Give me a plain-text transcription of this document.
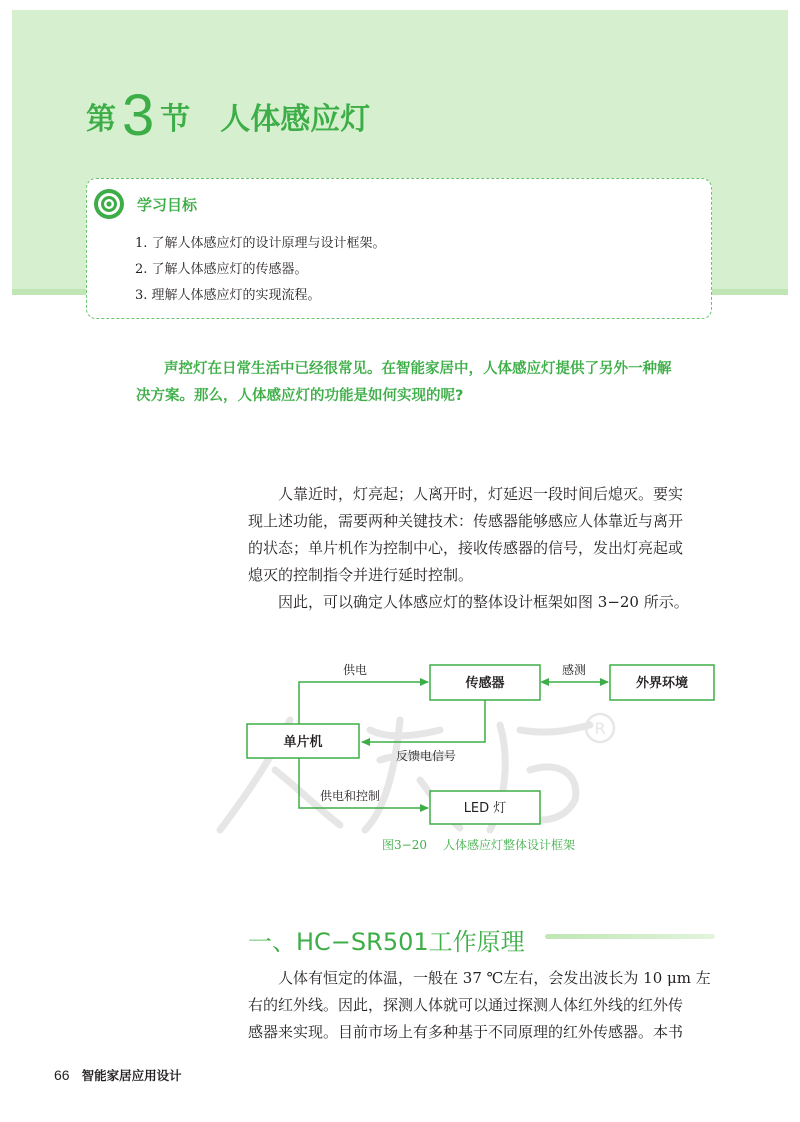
第 3 节 人体感应灯
学习目标
1. 了解人体感应灯的设计原理与设计框架。
2. 了解人体感应灯的传感器。
3. 理解人体感应灯的实现流程。

声控灯在日常生活中已经很常见。在智能家居中，人体感应灯提供了另外一种解
决方案。那么，人体感应灯的功能是如何实现的呢?

人靠近时，灯亮起；人离开时，灯延迟一段时间后熄灭。要实
现上述功能，需要两种关键技术：传感器能够感应人体靠近与离开
的状态；单片机作为控制中心，接收传感器的信号，发出灯亮起或
熄灭的控制指令并进行延时控制。

因此，可以确定人体感应灯的整体设计框架如图 3−20 所示。

R
单片机
传感器	外界环境
LED 灯
供电	感测
反馈电信号
供电和控制
图3−20 人体感应灯整体设计框架
一、HC−SR501工作原理

人体有恒定的体温，一般在 37 ℃左右，会发出波长为 10 μm 左
右的红外线。因此，探测人体就可以通过探测人体红外线的红外传
感器来实现。目前市场上有多种基于不同原理的红外传感器。本书

66 智能家居应用设计
